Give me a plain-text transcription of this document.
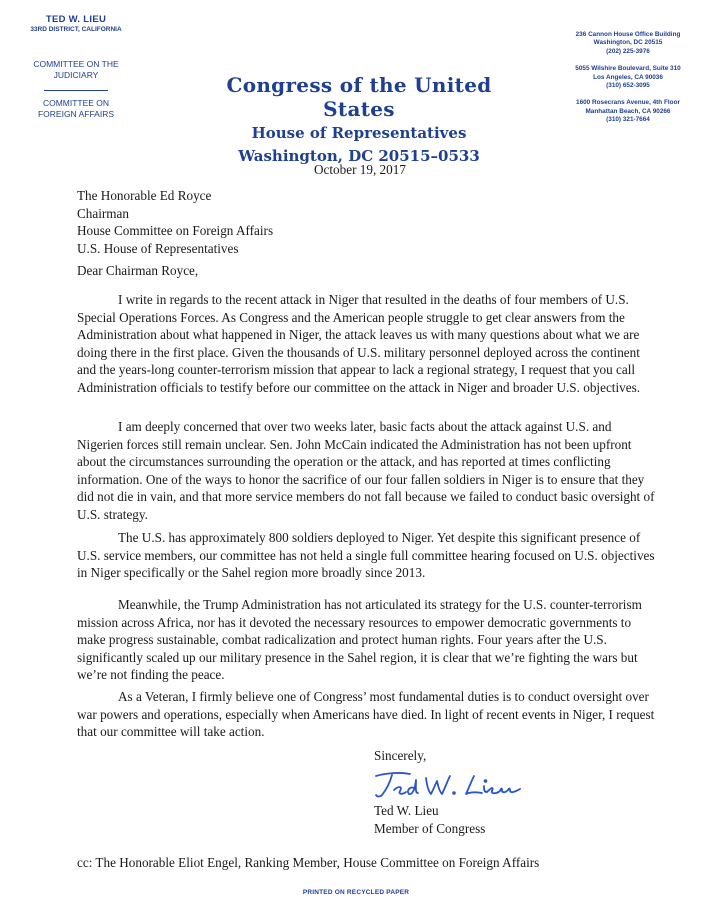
TED W. LIEU
33RD DISTRICT, CALIFORNIA
COMMITTEE ON THE
JUDICIARY
COMMITTEE ON
FOREIGN AFFAIRS
Congress of the United States
House of Representatives
Washington, DC 20515–0533
236 Cannon House Office Building
Washington, DC 20515
(202) 225-3976
5055 Wilshire Boulevard, Suite 310
Los Angeles, CA 90036
(310) 652-3095
1600 Rosecrans Avenue, 4th Floor
Manhattan Beach, CA 90266
(310) 321-7664
October 19, 2017
The Honorable Ed Royce
Chairman
House Committee on Foreign Affairs
U.S. House of Representatives
Dear Chairman Royce,

I write in regards to the recent attack in Niger that resulted in the deaths of four members of U.S. Special Operations Forces. As Congress and the American people struggle to get clear answers from the Administration about what happened in Niger, the attack leaves us with many questions about what we are doing there in the first place. Given the thousands of U.S. military personnel deployed across the continent and the years-long counter-terrorism mission that appear to lack a regional strategy, I request that you call Administration officials to testify before our committee on the attack in Niger and broader U.S. objectives.

I am deeply concerned that over two weeks later, basic facts about the attack against U.S. and Nigerien forces still remain unclear. Sen. John McCain indicated the Administration has not been upfront about the circumstances surrounding the operation or the attack, and has reported at times conflicting information. One of the ways to honor the sacrifice of our four fallen soldiers in Niger is to ensure that they did not die in vain, and that more service members do not fall because we failed to conduct basic oversight of U.S. strategy.

The U.S. has approximately 800 soldiers deployed to Niger. Yet despite this significant presence of U.S. service members, our committee has not held a single full committee hearing focused on U.S. objectives in Niger specifically or the Sahel region more broadly since 2013.

Meanwhile, the Trump Administration has not articulated its strategy for the U.S. counter-terrorism mission across Africa, nor has it devoted the necessary resources to empower democratic governments to make progress sustainable, combat radicalization and protect human rights. Four years after the U.S. significantly scaled up our military presence in the Sahel region, it is clear that we’re fighting the wars but we’re not finding the peace.

As a Veteran, I firmly believe one of Congress’ most fundamental duties is to conduct oversight over war powers and operations, especially when Americans have died. In light of recent events in Niger, I request that our committee will take action.

Sincerely,
Ted W. Lieu
Member of Congress
cc: The Honorable Eliot Engel, Ranking Member, House Committee on Foreign Affairs
PRINTED ON RECYCLED PAPER
